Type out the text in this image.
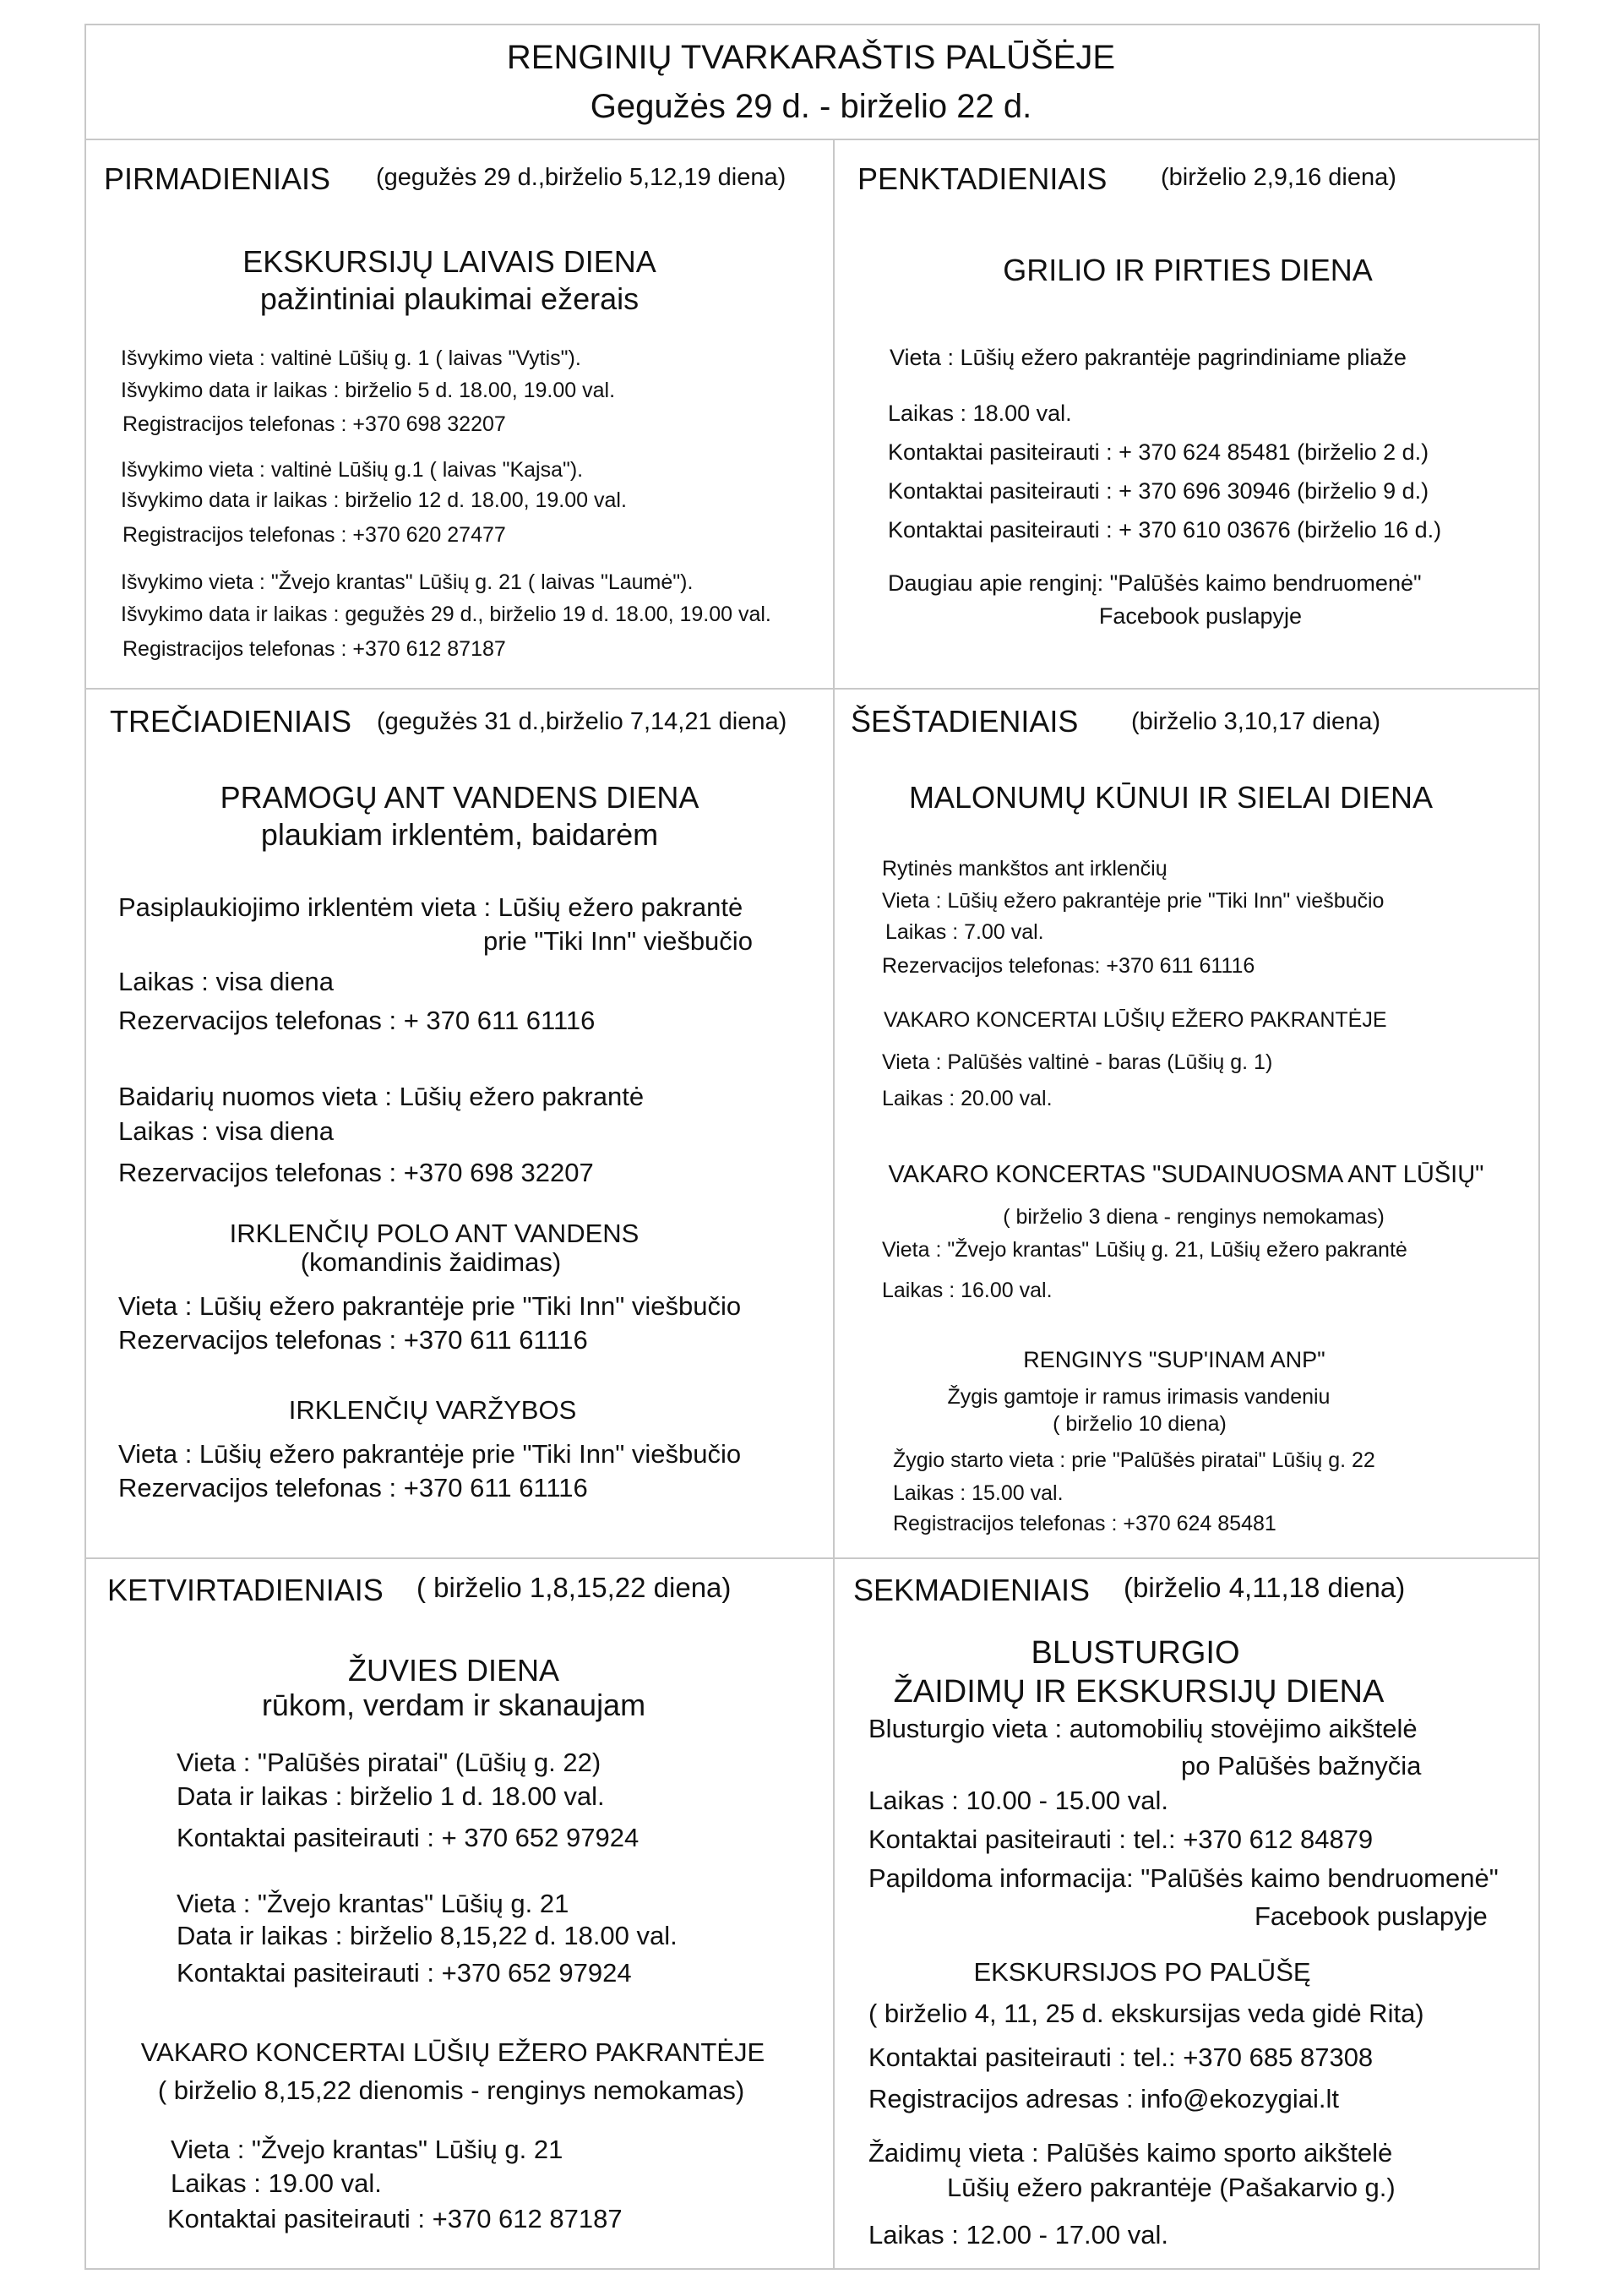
RENGINIŲ TVARKARAŠTIS PALŪŠĖJE
Gegužės 29 d. - birželio 22 d.
PIRMADIENIAIS (gegužės 29 d.,birželio 5,12,19 diena)
EKSKURSIJŲ LAIVAIS DIENA
pažintiniai plaukimai ežerais
Išvykimo vieta : valtinė Lūšių g. 1 ( laivas "Vytis").
Išvykimo data ir laikas : birželio 5 d. 18.00, 19.00 val.
Registracijos telefonas : +370 698 32207
Išvykimo vieta : valtinė Lūšių g.1 ( laivas "Kajsa").
Išvykimo data ir laikas : birželio 12 d. 18.00, 19.00 val.
Registracijos telefonas : +370 620 27477
Išvykimo vieta : "Žvejo krantas" Lūšių g. 21 ( laivas "Laumė").
Išvykimo data ir laikas : gegužės 29 d., birželio 19 d. 18.00, 19.00 val.
Registracijos telefonas : +370 612 87187
PENKTADIENIAIS (birželio 2,9,16 diena)
GRILIO IR PIRTIES DIENA
Vieta : Lūšių ežero pakrantėje pagrindiniame pliaže
Laikas : 18.00 val.
Kontaktai pasiteirauti : + 370 624 85481 (birželio 2 d.)
Kontaktai pasiteirauti : + 370 696 30946 (birželio 9 d.)
Kontaktai pasiteirauti : + 370 610 03676 (birželio 16 d.)
Daugiau apie renginį: "Palūšės kaimo bendruomenė"
Facebook puslapyje
TREČIADIENIAIS (gegužės 31 d.,birželio 7,14,21 diena)
PRAMOGŲ ANT VANDENS DIENA
plaukiam irklentėm, baidarėm
Pasiplaukiojimo irklentėm vieta : Lūšių ežero pakrantė
prie "Tiki Inn" viešbučio
Laikas : visa diena
Rezervacijos telefonas : + 370 611 61116
Baidarių nuomos vieta : Lūšių ežero pakrantė
Laikas : visa diena
Rezervacijos telefonas : +370 698 32207
IRKLENČIŲ POLO ANT VANDENS
(komandinis žaidimas)
Vieta : Lūšių ežero pakrantėje prie "Tiki Inn" viešbučio
Rezervacijos telefonas : +370 611 61116
IRKLENČIŲ VARŽYBOS
Vieta : Lūšių ežero pakrantėje prie "Tiki Inn" viešbučio
Rezervacijos telefonas : +370 611 61116
ŠEŠTADIENIAIS (birželio 3,10,17 diena)
MALONUMŲ KŪNUI IR SIELAI DIENA
Rytinės mankštos ant irklenčių
Vieta : Lūšių ežero pakrantėje prie "Tiki Inn" viešbučio
Laikas : 7.00 val.
Rezervacijos telefonas: +370 611 61116
VAKARO KONCERTAI LŪŠIŲ EŽERO PAKRANTĖJE
Vieta : Palūšės valtinė - baras (Lūšių g. 1)
Laikas : 20.00 val.
VAKARO KONCERTAS "SUDAINUOSMA ANT LŪŠIŲ"
( birželio 3 diena - renginys nemokamas)
Vieta : "Žvejo krantas" Lūšių g. 21, Lūšių ežero pakrantė
Laikas : 16.00 val.
RENGINYS "SUP'INAM ANP"
Žygis gamtoje ir ramus irimasis vandeniu
( birželio 10 diena)
Žygio starto vieta : prie "Palūšės piratai" Lūšių g. 22
Laikas : 15.00 val.
Registracijos telefonas : +370 624 85481
KETVIRTADIENIAIS ( birželio 1,8,15,22 diena)
ŽUVIES DIENA
rūkom, verdam ir skanaujam
Vieta : "Palūšės piratai" (Lūšių g. 22)
Data ir laikas : birželio 1 d. 18.00 val.
Kontaktai pasiteirauti : + 370 652 97924
Vieta : "Žvejo krantas" Lūšių g. 21
Data ir laikas : birželio 8,15,22 d. 18.00 val.
Kontaktai pasiteirauti : +370 652 97924
VAKARO KONCERTAI LŪŠIŲ EŽERO PAKRANTĖJE
( birželio 8,15,22 dienomis - renginys nemokamas)
Vieta : "Žvejo krantas" Lūšių g. 21
Laikas : 19.00 val.
Kontaktai pasiteirauti : +370 612 87187
SEKMADIENIAIS (birželio 4,11,18 diena)
BLUSTURGIO
ŽAIDIMŲ IR EKSKURSIJŲ DIENA
Blusturgio vieta : automobilių stovėjimo aikštelė
po Palūšės bažnyčia
Laikas : 10.00 - 15.00 val.
Kontaktai pasiteirauti : tel.: +370 612 84879
Papildoma informacija: "Palūšės kaimo bendruomenė"
Facebook puslapyje
EKSKURSIJOS PO PALŪŠĘ
( birželio 4, 11, 25 d. ekskursijas veda gidė Rita)
Kontaktai pasiteirauti : tel.: +370 685 87308
Registracijos adresas : info@ekozygiai.lt
Žaidimų vieta : Palūšės kaimo sporto aikštelė
Lūšių ežero pakrantėje (Pašakarvio g.)
Laikas : 12.00 - 17.00 val.
